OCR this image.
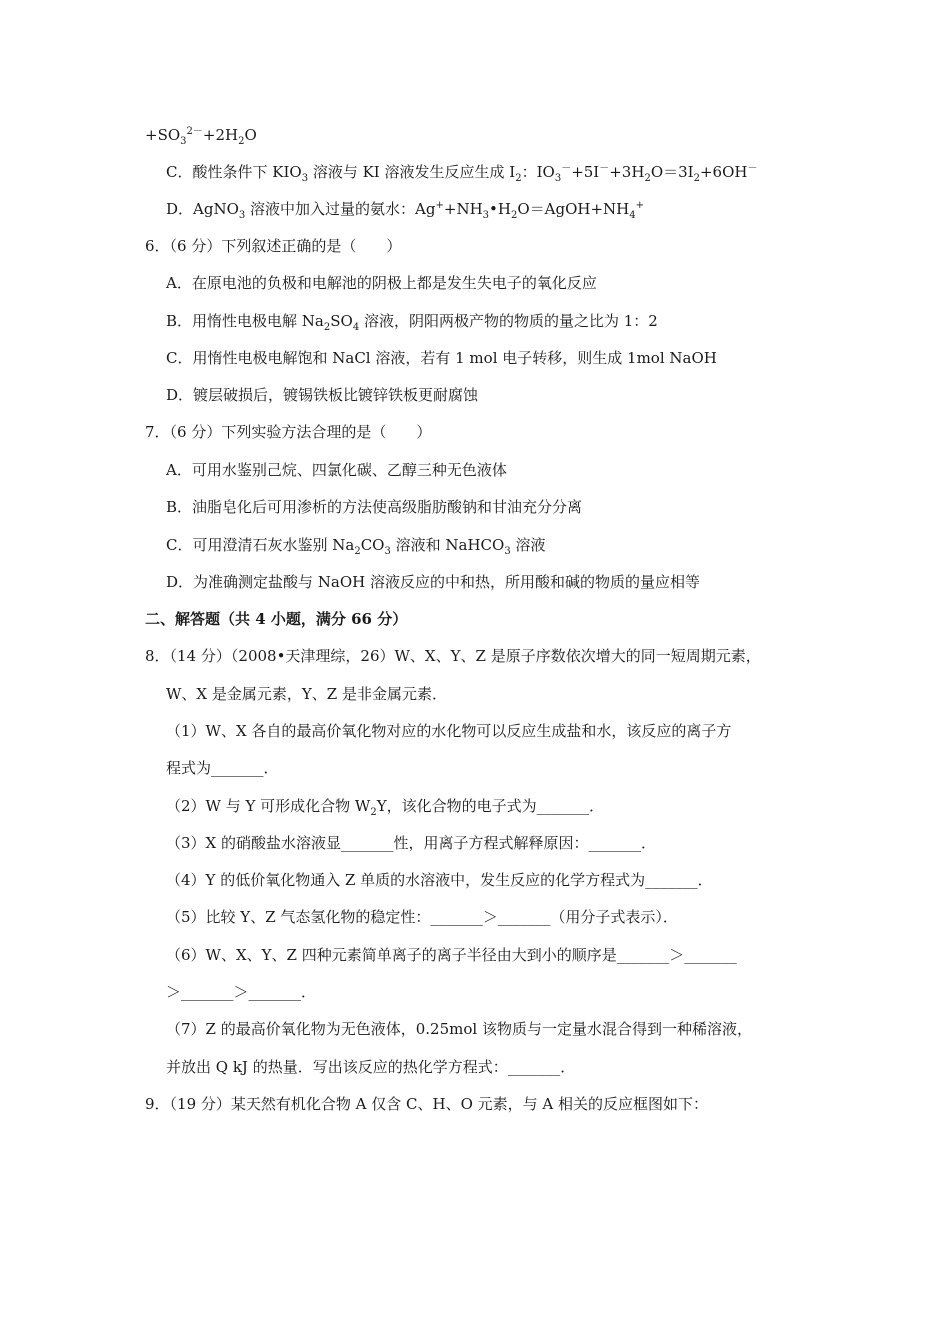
$+SO_3^{2-}+2H_2O$
C．酸性条件下 $KIO_3$ 溶液与 KI 溶液发生反应生成 $I_2$：$IO_3^-+5I^-+3H_2O=3I_2+6OH^-$
D．AgNO$_3$ 溶液中加入过量的氨水：$Ag^++NH_3•H_2O=AgOH+NH_4^+$
6．（6 分）下列叙述正确的是（　　）
A．在原电池的负极和电解池的阴极上都是发生失电子的氧化反应
B．用惰性电极电解 $Na_2SO_4$ 溶液，阴阳两极产物的物质的量之比为 1：2
C．用惰性电极电解饱和 NaCl 溶液，若有 1 mol 电子转移，则生成 1mol NaOH
D．镀层破损后，镀锡铁板比镀锌铁板更耐腐蚀
7．（6 分）下列实验方法合理的是（　　）
A．可用水鉴别己烷、四氯化碳、乙醇三种无色液体
B．油脂皂化后可用渗析的方法使高级脂肪酸钠和甘油充分分离
C．可用澄清石灰水鉴别 $Na_2CO_3$ 溶液和 NaHCO$_3$ 溶液
D．为准确测定盐酸与 NaOH 溶液反应的中和热，所用酸和碱的物质的量应相等
二、解答题（共 4 小题，满分 66 分）
8．（14 分）（2008•天津理综，26）W、X、Y、Z 是原子序数依次增大的同一短周期元素，
W、X 是金属元素，Y、Z 是非金属元素．
（1）W、X 各自的最高价氧化物对应的水化物可以反应生成盐和水，该反应的离子方
程式为_______．
（2）W 与 Y 可形成化合物 $W_2Y$，该化合物的电子式为_______．
（3）X 的硝酸盐水溶液显_______性，用离子方程式解释原因：_______．
（4）Y 的低价氧化物通入 Z 单质的水溶液中，发生反应的化学方程式为_______．
（5）比较 Y、Z 气态氢化物的稳定性：_______＞_______（用分子式表示）．
（6）W、X、Y、Z 四种元素简单离子的离子半径由大到小的顺序是_______＞_______
＞_______＞_______．
（7）Z 的最高价氧化物为无色液体，0.25mol 该物质与一定量水混合得到一种稀溶液，
并放出 Q kJ 的热量．写出该反应的热化学方程式：_______．
9．（19 分）某天然有机化合物 A 仅含 C、H、O 元素，与 A 相关的反应框图如下：
